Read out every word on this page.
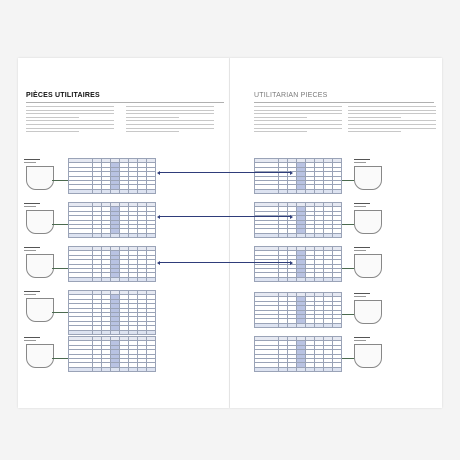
PIÈCES UTILITAIRES

								UTILITARIAN PIECES
